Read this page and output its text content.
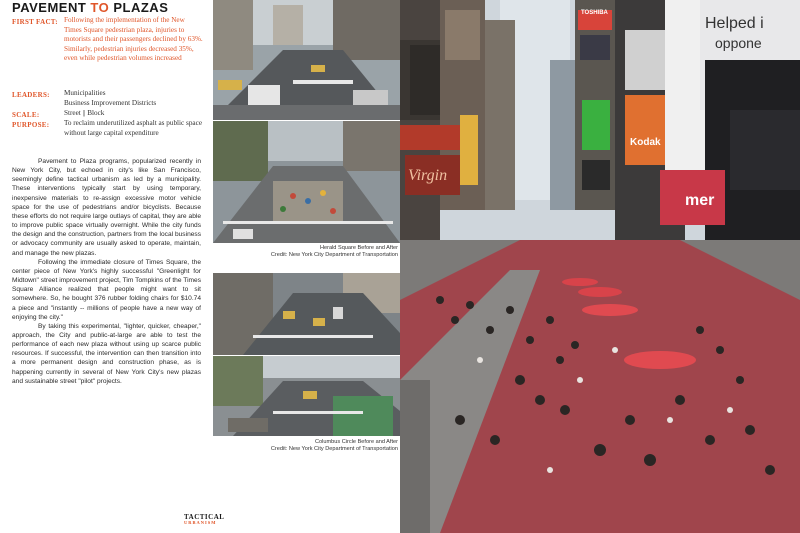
PAVEMENT TO PLAZAS
FIRST FACT: Following the implementation of the New Times Square pedestrian plaza, injuries to motorists and their passengers declined by 63%. Similarly, pedestrian injuries decreased 35%, even while pedestrian volumes increased
LEADERS: Municipalities
Business Improvement Districts
SCALE:	Street || Block
PURPOSE: To reclaim underutilized asphalt as public space without large capital expenditure

Pavement to Plaza programs, popularized recently in New York City, but echoed in city's like San Francisco, seemingly define tactical urbanism as led by a municipality. These interventions typically start by using temporary, inexpensive materials to re-assign excessive motor vehicle space for the use of pedestrians and/or bicyclists. Because these efforts do not require large outlays of capital, they are able to improve public space virtually overnight. While the city funds the design and the construction, partners from the local business or advocacy community are usually asked to operate, maintain, and manage the new plazas.

Following the immediate closure of Times Square, the center piece of New York's highly successful "Greenlight for Midtown" street improvement project, Tim Tompkins of the Times Square Alliance realized that people might want to sit somewhere. So, he bought 376 rubber folding chairs for $10.74 a piece and "instantly -- millions of people have a new way of enjoying the city."

By taking this experimental, "lighter, quicker, cheaper," approach, the City and public-at-large are able to test the performance of each new plaza without using up scarce public resources. If successful, the intervention can then transition into a more permanent design and construction phase, as is happening currently in several of New York City's new plazas and sustainable street "pilot" projects.

Herald Square Before and After
Credit: New York City Department of Transportation
Columbus Circle Before and After
Credit: New York City Department of Transportation
TACTICAL
URBANISM
Helped i
oppone
TOSHIBA
Kodak
mer
Virgin
